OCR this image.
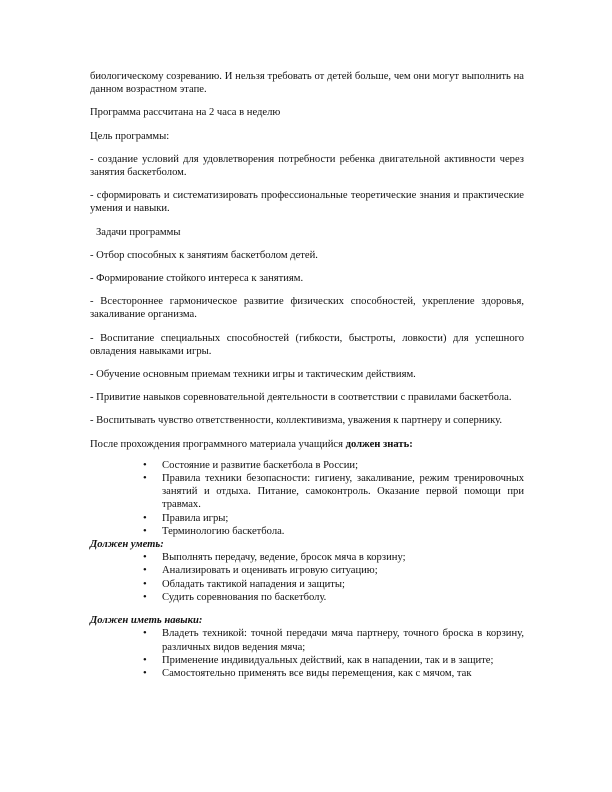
биологическому созреванию. И нельзя требовать от детей больше, чем они могут выполнить на данном возрастном этапе.

Программа рассчитана на 2 часа в неделю

Цель программы:

- создание условий для удовлетворения потребности ребенка двигательной активности через занятия баскетболом.

- сформировать и систематизировать профессиональные теоретические знания и практические умения и навыки.

Задачи программы

- Отбор способных к занятиям баскетболом детей.

- Формирование стойкого интереса к занятиям.

- Всестороннее гармоническое развитие физических способностей, укрепление здоровья, закаливание организма.

- Воспитание специальных способностей (гибкости, быстроты, ловкости) для успешного овладения навыками игры.

- Обучение основным приемам техники игры и тактическим действиям.

- Привитие навыков соревновательной деятельности в соответствии с правилами баскетбола.

- Воспитывать чувство ответственности, коллективизма, уважения к партнеру и сопернику.

После прохождения программного материала учащийся должен знать:

• Состояние и развитие баскетбола в России;
• Правила техники безопасности: гигиену, закаливание, режим тренировочных занятий и отдыха. Питание, самоконтроль. Оказание первой помощи при травмах.
• Правила игры;
• Терминологию баскетбола.

Должен уметь:

• Выполнять передачу, ведение, бросок мяча в корзину;
• Анализировать и оценивать игровую ситуацию;
• Обладать тактикой нападения и защиты;
• Судить соревнования по баскетболу.

Должен иметь навыки:

• Владеть техникой: точной передачи мяча партнеру, точного броска в корзину, различных видов ведения мяча;
• Применение индивидуальных действий, как в нападении, так и в защите;
• Самостоятельно применять все виды перемещения, как с мячом, так
